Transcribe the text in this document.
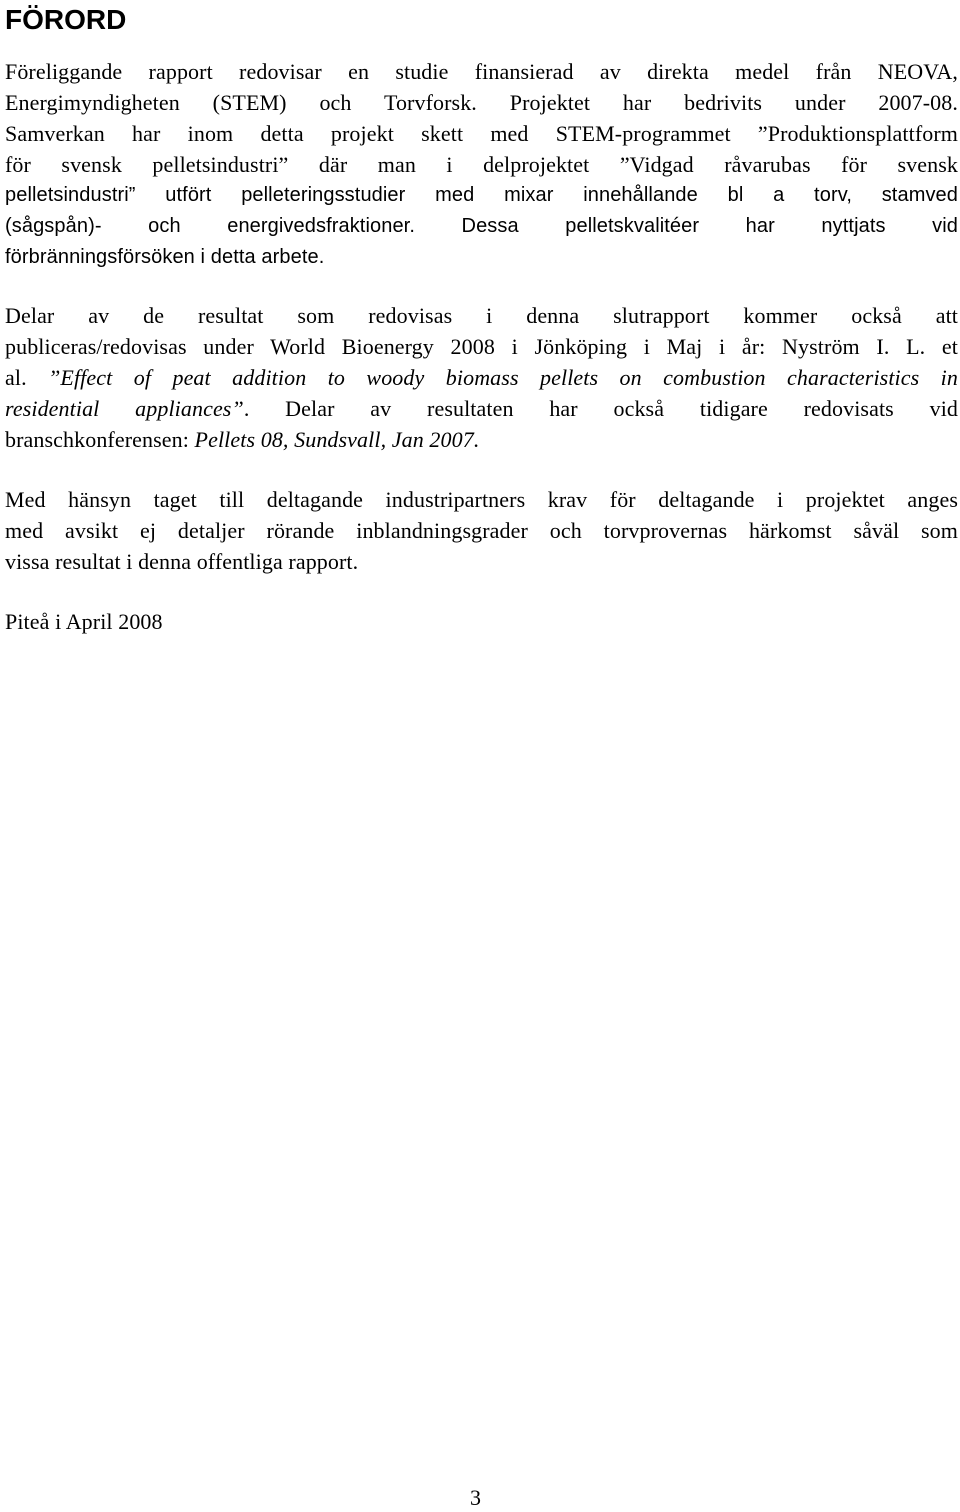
FÖRORD
Föreliggande rapport redovisar en studie finansierad av direkta medel från NEOVA,
Energimyndigheten (STEM) och Torvforsk. Projektet har bedrivits under 2007-08.
Samverkan har inom detta projekt skett med STEM-programmet ”Produktionsplattform
för svensk pelletsindustri” där man i delprojektet ”Vidgad råvarubas för svensk
pelletsindustri” utfört pelleteringsstudier med mixar innehållande bl a torv, stamved
(sågspån)- och energivedsfraktioner. Dessa pelletskvalitéer har nyttjats vid
förbränningsförsöken i detta arbete.
Delar av de resultat som redovisas i denna slutrapport kommer också att
publiceras/redovisas under World Bioenergy 2008 i Jönköping i Maj i år: Nyström I. L. et
al. ”Effect of peat addition to woody biomass pellets on combustion characteristics in
residential appliances”. Delar av resultaten har också tidigare redovisats vid
branschkonferensen: Pellets 08, Sundsvall, Jan 2007.
Med hänsyn taget till deltagande industripartners krav för deltagande i projektet anges
med avsikt ej detaljer rörande inblandningsgrader och torvprovernas härkomst såväl som
vissa resultat i denna offentliga rapport.

Piteå i April 2008

3
